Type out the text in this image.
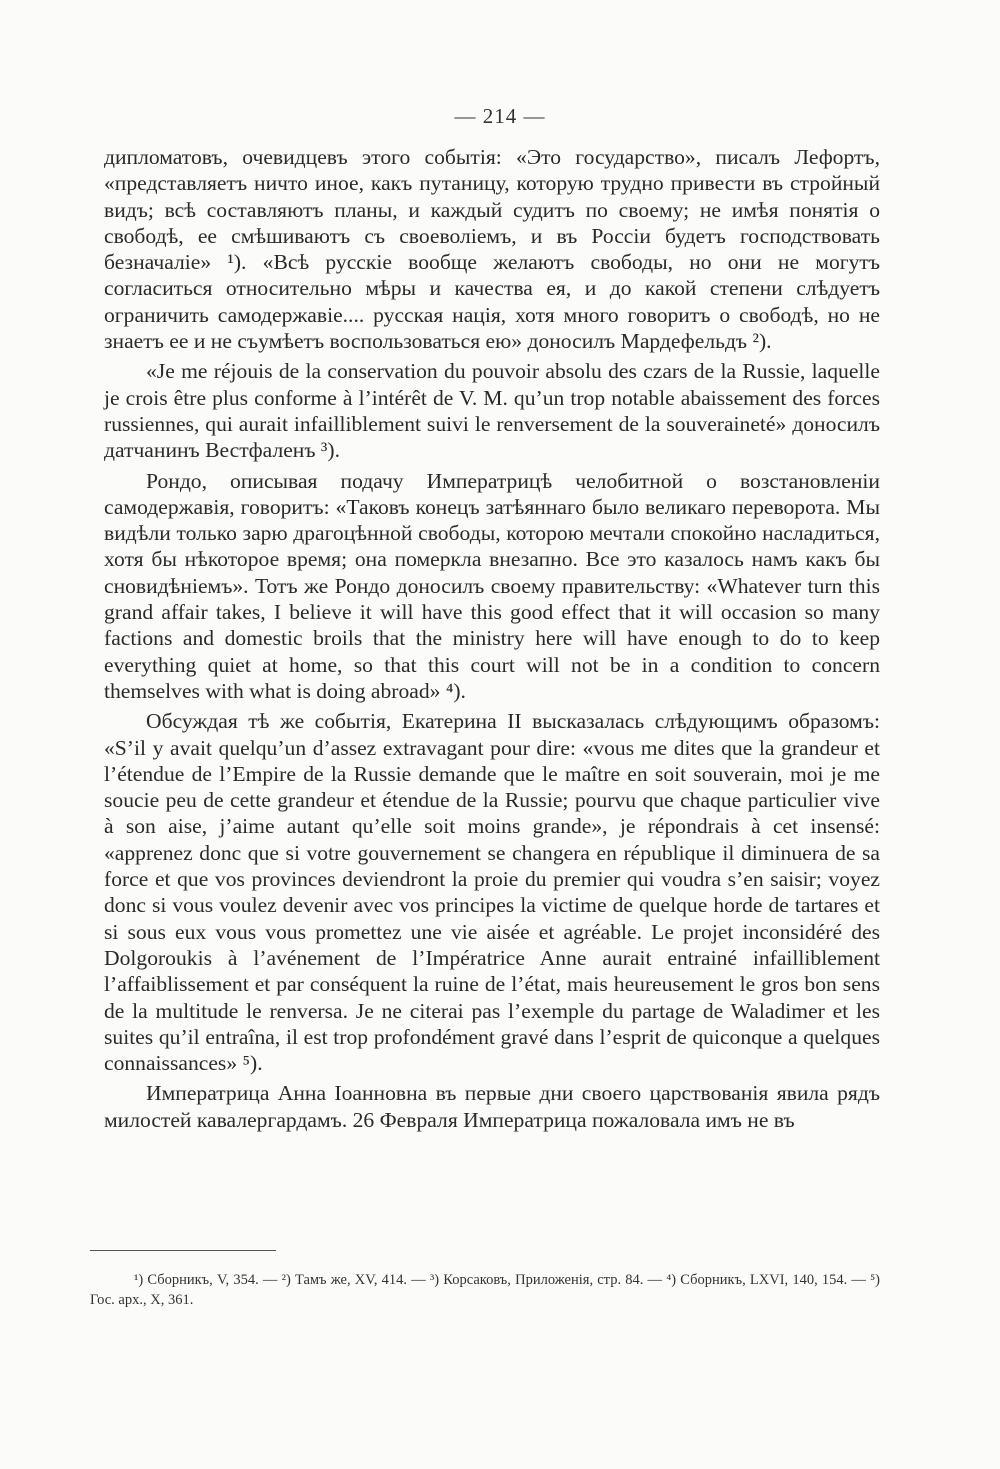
— 214 —

дипломатовъ, очевидцевъ этого событія: «Это государство», писалъ Лефортъ, «представляетъ ничто иное, какъ путаницу, которую трудно привести въ стройный видъ; всѣ составляютъ планы, и каждый судитъ по своему; не имѣя понятія о свободѣ, ее смѣшиваютъ съ своеволіемъ, и въ Россіи будетъ господствовать безначаліе» ¹). «Всѣ русскіе вообще желаютъ свободы, но они не могутъ согласиться относительно мѣры и качества ея, и до какой степени слѣдуетъ ограничить самодержавіе.... русская нація, хотя много говоритъ о свободѣ, но не знаетъ ее и не съумѣетъ воспользоваться ею» доносилъ Мардефельдъ ²).

«Je me réjouis de la conservation du pouvoir absolu des czars de la Russie, laquelle je crois être plus conforme à l’intérêt de V. M. qu’un trop notable abaissement des forces russiennes, qui aurait infailliblement suivi le renversement de la souveraineté» доносилъ датчанинъ Вестфаленъ ³).

Рондо, описывая подачу Императрицѣ челобитной о возстановленіи самодержавія, говоритъ: «Таковъ конецъ затѣяннаго было великаго переворота. Мы видѣли только зарю драгоцѣнной свободы, которою мечтали спокойно насладиться, хотя бы нѣкоторое время; она померкла внезапно. Все это казалось намъ какъ бы сновидѣніемъ». Тотъ же Рондо доносилъ своему правительству: «Whatever turn this grand affair takes, I believe it will have this good effect that it will occasion so many factions and domestic broils that the ministry here will have enough to do to keep everything quiet at home, so that this court will not be in a condition to concern themselves with what is doing abroad» ⁴).

Обсуждая тѣ же событія, Екатерина II высказалась слѣдующимъ образомъ: «S’il y avait quelqu’un d’assez extravagant pour dire: «vous me dites que la grandeur et l’étendue de l’Empire de la Russie demande que le maître en soit souverain, moi je me soucie peu de cette grandeur et étendue de la Russie; pourvu que chaque particulier vive à son aise, j’aime autant qu’elle soit moins grande», je répondrais à cet insensé: «apprenez donc que si votre gouvernement se changera en république il diminuera de sa force et que vos provinces deviendront la proie du premier qui voudra s’en saisir; voyez donc si vous voulez devenir avec vos principes la victime de quelque horde de tartares et si sous eux vous vous promettez une vie aisée et agréable. Le projet inconsidéré des Dolgoroukis à l’avénement de l’Impératrice Anne aurait entrainé infailliblement l’affaiblissement et par conséquent la ruine de l’état, mais heureusement le gros bon sens de la multitude le renversa. Je ne citerai pas l’exemple du partage de Waladimer et les suites qu’il entraîna, il est trop profondément gravé dans l’esprit de quiconque a quelques connaissances» ⁵).

Императрица Анна Іоанновна въ первые дни своего царствованія явила рядъ милостей кавалергардамъ. 26 Февраля Императрица пожаловала имъ не въ

¹) Сборникъ, V, 354. — ²) Тамъ же, XV, 414. — ³) Корсаковъ, Приложенія, стр. 84. — ⁴) Сборникъ, LXVI, 140, 154. — ⁵) Гос. арх., X, 361.
